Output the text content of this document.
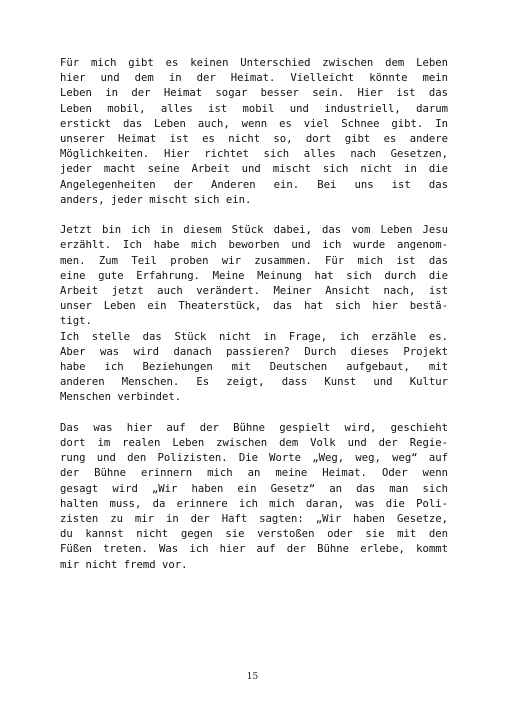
Für mich gibt es keinen Unterschied zwischen dem Leben
hier und dem in der Heimat. Vielleicht könnte mein
Leben in der Heimat sogar besser sein. Hier ist das
Leben mobil, alles ist mobil und industriell, darum
erstickt das Leben auch, wenn es viel Schnee gibt. In
unserer Heimat ist es nicht so, dort gibt es andere
Möglichkeiten. Hier richtet sich alles nach Gesetzen,
jeder macht seine Arbeit und mischt sich nicht in die
Angelegenheiten der Anderen ein. Bei uns ist das
anders, jeder mischt sich ein.
Jetzt bin ich in diesem Stück dabei, das vom Leben Jesu
erzählt. Ich habe mich beworben und ich wurde angenom-
men. Zum Teil proben wir zusammen. Für mich ist das
eine gute Erfahrung. Meine Meinung hat sich durch die
Arbeit jetzt auch verändert. Meiner Ansicht nach, ist
unser Leben ein Theaterstück, das hat sich hier bestä-
tigt.
Ich stelle das Stück nicht in Frage, ich erzähle es.
Aber was wird danach passieren? Durch dieses Projekt
habe ich Beziehungen mit Deutschen aufgebaut, mit
anderen Menschen. Es zeigt, dass Kunst und Kultur
Menschen verbindet.
Das was hier auf der Bühne gespielt wird, geschieht
dort im realen Leben zwischen dem Volk und der Regie-
rung und den Polizisten. Die Worte „Weg, weg, weg“ auf
der Bühne erinnern mich an meine Heimat. Oder wenn
gesagt wird „Wir haben ein Gesetz“ an das man sich
halten muss, da erinnere ich mich daran, was die Poli-
zisten zu mir in der Haft sagten: „Wir haben Gesetze,
du kannst nicht gegen sie verstoßen oder sie mit den
Füßen treten. Was ich hier auf der Bühne erlebe, kommt
mir nicht fremd vor.
15
